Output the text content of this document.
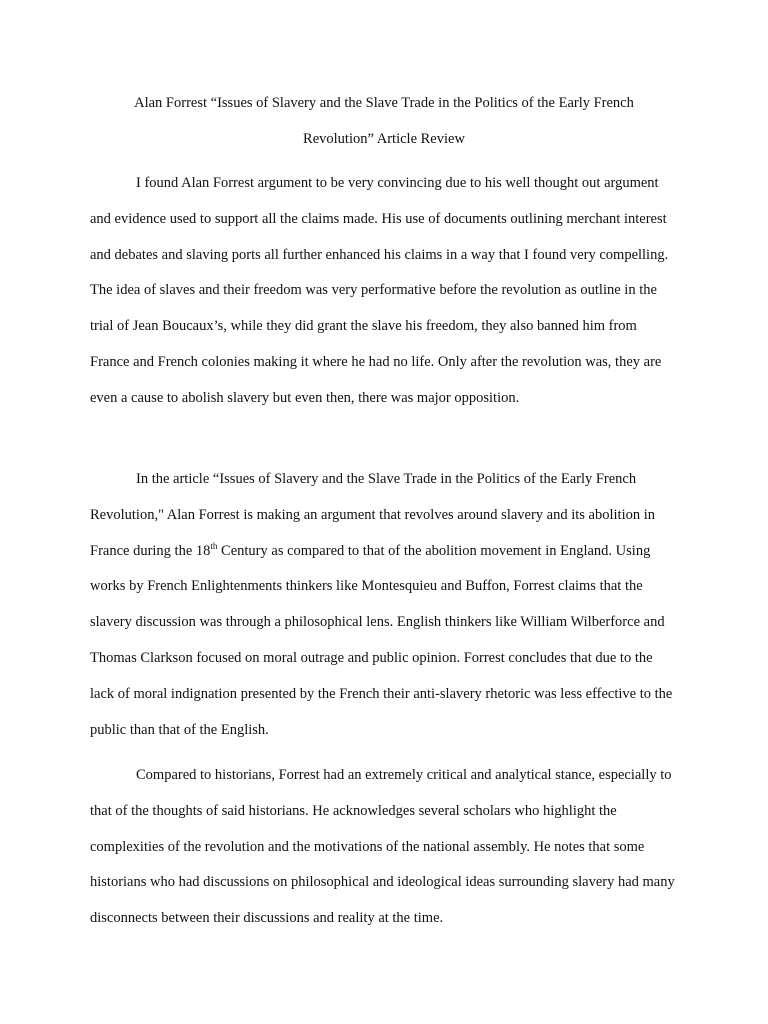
Alan Forrest “Issues of Slavery and the Slave Trade in the Politics of the Early French
Revolution” Article Review

I found Alan Forrest argument to be very convincing due to his well thought out argument and evidence used to support all the claims made. His use of documents outlining merchant interest and debates and slaving ports all further enhanced his claims in a way that I found very compelling. The idea of slaves and their freedom was very performative before the revolution as outline in the trial of Jean Boucaux’s, while they did grant the slave his freedom, they also banned him from France and French colonies making it where he had no life. Only after the revolution was, they are even a cause to abolish slavery but even then, there was major opposition.

In the article “Issues of Slavery and the Slave Trade in the Politics of the Early French Revolution," Alan Forrest is making an argument that revolves around slavery and its abolition in France during the 18th Century as compared to that of the abolition movement in England. Using works by French Enlightenments thinkers like Montesquieu and Buffon, Forrest claims that the slavery discussion was through a philosophical lens. English thinkers like William Wilberforce and Thomas Clarkson focused on moral outrage and public opinion. Forrest concludes that due to the lack of moral indignation presented by the French their anti-slavery rhetoric was less effective to the public than that of the English.

Compared to historians, Forrest had an extremely critical and analytical stance, especially to that of the thoughts of said historians. He acknowledges several scholars who highlight the complexities of the revolution and the motivations of the national assembly. He notes that some historians who had discussions on philosophical and ideological ideas surrounding slavery had many disconnects between their discussions and reality at the time.
